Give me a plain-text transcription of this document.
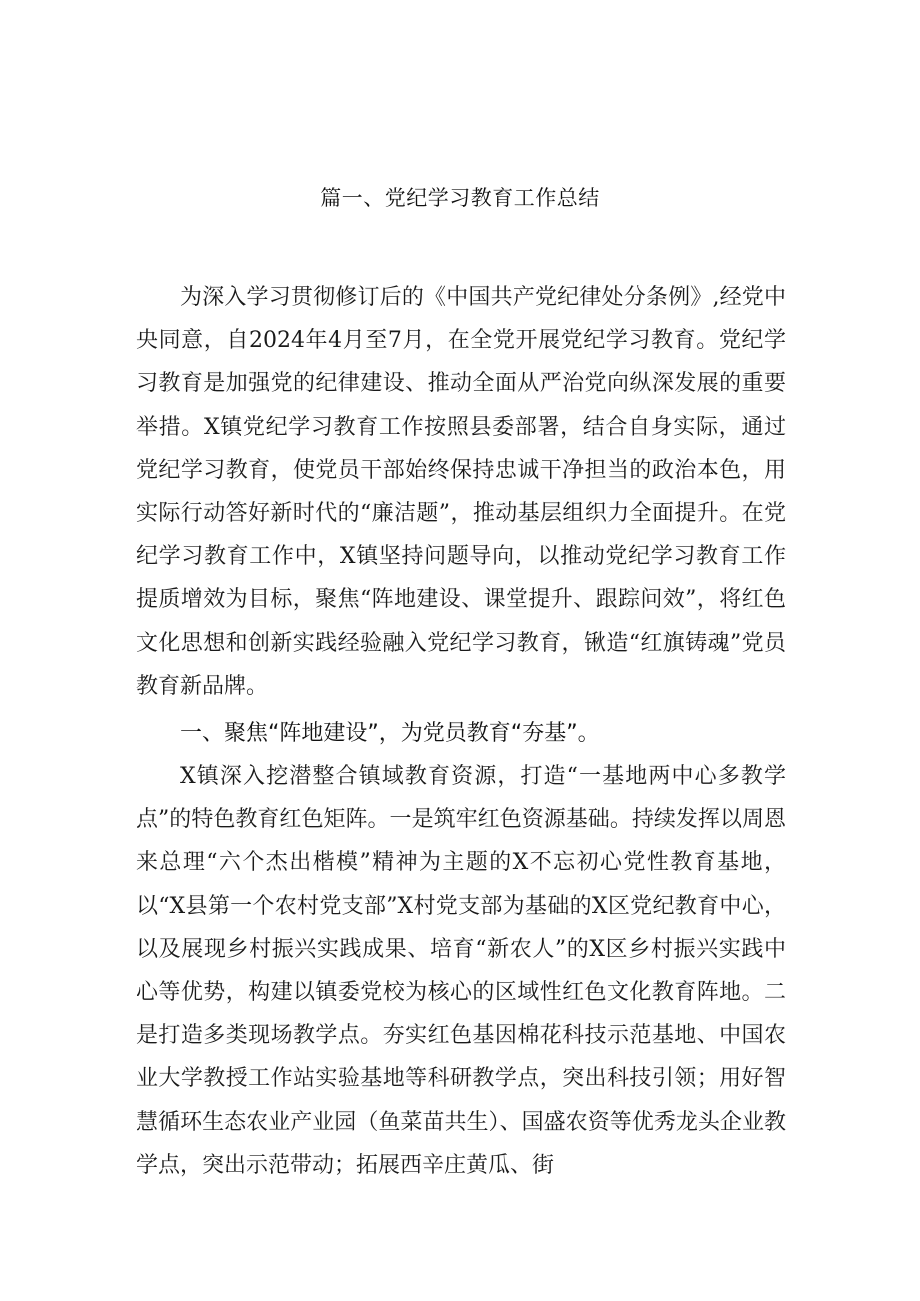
篇一、党纪学习教育工作总结

为深入学习贯彻修订后的《中国共产党纪律处分条例》,经党中央同意，自2024年4月至7月，在全党开展党纪学习教育。党纪学习教育是加强党的纪律建设、推动全面从严治党向纵深发展的重要举措。X镇党纪学习教育工作按照县委部署，结合自身实际，通过党纪学习教育，使党员干部始终保持忠诚干净担当的政治本色，用实际行动答好新时代的“廉洁题”，推动基层组织力全面提升。在党纪学习教育工作中，X镇坚持问题导向，以推动党纪学习教育工作提质增效为目标，聚焦“阵地建设、课堂提升、跟踪问效”，将红色文化思想和创新实践经验融入党纪学习教育，锹造“红旗铸魂”党员教育新品牌。

一、聚焦“阵地建设”，为党员教育“夯基”。

X镇深入挖潜整合镇域教育资源，打造“一基地两中心多教学点”的特色教育红色矩阵。一是筑牢红色资源基础。持续发挥以周恩来总理“六个杰出楷模”精神为主题的X不忘初心党性教育基地，以“X县第一个农村党支部”X村党支部为基础的X区党纪教育中心，以及展现乡村振兴实践成果、培育“新农人”的X区乡村振兴实践中心等优势，构建以镇委党校为核心的区域性红色文化教育阵地。二是打造多类现场教学点。夯实红色基因棉花科技示范基地、中国农业大学教授工作站实验基地等科研教学点，突出科技引领；用好智慧循环生态农业产业园（鱼菜苗共生）、国盛农资等优秀龙头企业教学点，突出示范带动；拓展西辛庄黄瓜、街
